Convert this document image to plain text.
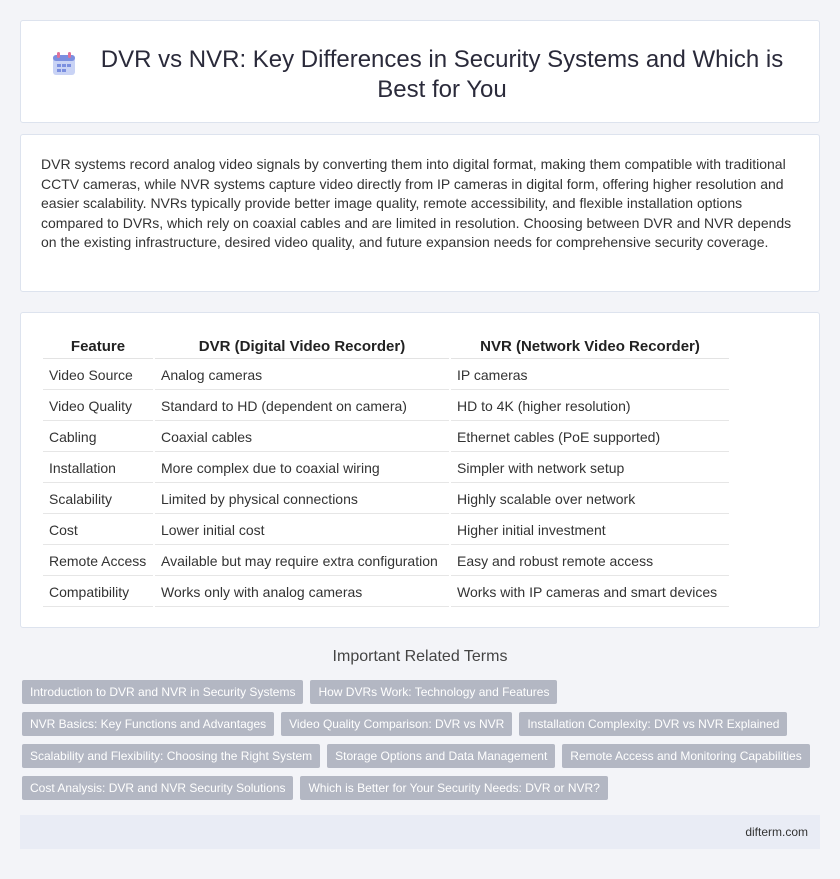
DVR vs NVR: Key Differences in Security Systems and Which is Best for You

DVR systems record analog video signals by converting them into digital format, making them compatible with traditional CCTV cameras, while NVR systems capture video directly from IP cameras in digital form, offering higher resolution and easier scalability. NVRs typically provide better image quality, remote accessibility, and flexible installation options compared to DVRs, which rely on coaxial cables and are limited in resolution. Choosing between DVR and NVR depends on the existing infrastructure, desired video quality, and future expansion needs for comprehensive security coverage.

Feature	DVR (Digital Video Recorder)	NVR (Network Video Recorder)
Video Source	Analog cameras	IP cameras
Video Quality	Standard to HD (dependent on camera)	HD to 4K (higher resolution)
Cabling	Coaxial cables	Ethernet cables (PoE supported)
Installation	More complex due to coaxial wiring	Simpler with network setup
Scalability	Limited by physical connections	Highly scalable over network
Cost	Lower initial cost	Higher initial investment
Remote Access	Available but may require extra configuration	Easy and robust remote access
Compatibility	Works only with analog cameras	Works with IP cameras and smart devices
Important Related Terms
Introduction to DVR and NVR in Security Systems	How DVRs Work: Technology and Features
NVR Basics: Key Functions and Advantages	Video Quality Comparison: DVR vs NVR	Installation Complexity: DVR vs NVR Explained
Scalability and Flexibility: Choosing the Right System	Storage Options and Data Management	Remote Access and Monitoring Capabilities
Cost Analysis: DVR and NVR Security Solutions	Which is Better for Your Security Needs: DVR or NVR?
difterm.com
